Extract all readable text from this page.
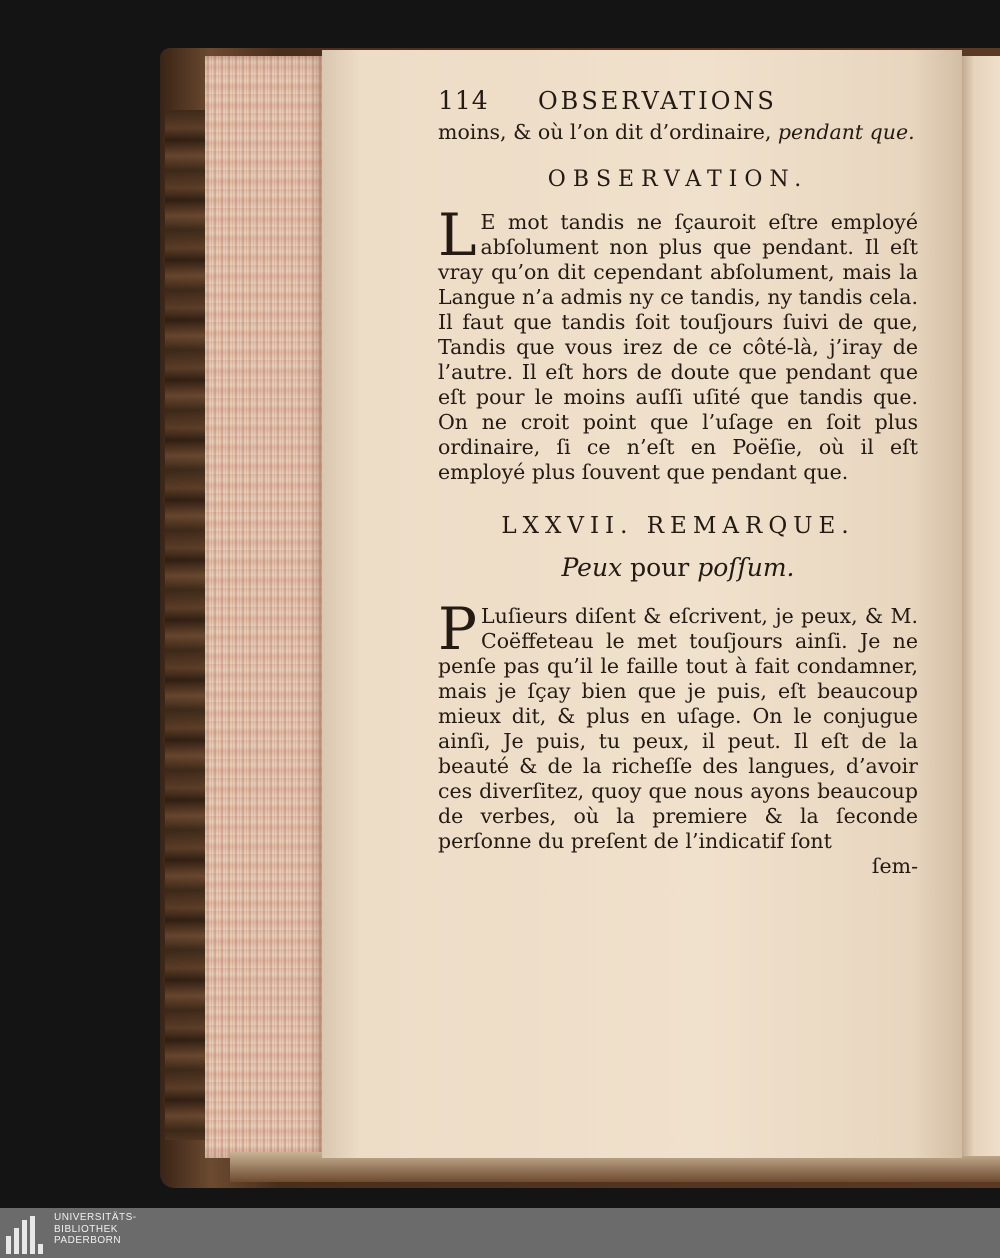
114	OBSERVATIONS

moins, & où l’on dit d’ordinaire, pendant que.

OBSERVATION.

L E mot tandis ne ſçauroit eſtre employé abſolument non plus que pendant. Il eſt vray qu’on dit cependant abſolument, mais la Langue n’a admis ny ce tandis, ny tandis cela. Il faut que tandis ſoit touſjours ſuivi de que, Tandis que vous irez de ce côté-là, j’iray de l’autre. Il eſt hors de doute que pendant que eſt pour le moins auſſi uſité que tandis que. On ne croit point que l’uſage en ſoit plus ordinaire, ſi ce n’eſt en Poëſie, où il eſt employé plus ſouvent que pendant que.

LXXVII. REMARQUE.
Peux pour poſſum.

P Luſieurs diſent & eſcrivent, je peux, & M. Coëffeteau le met touſjours ainſi. Je ne penſe pas qu’il le faille tout à fait condamner, mais je ſçay bien que je puis, eſt beaucoup mieux dit, & plus en uſage. On le conjugue ainſi, Je puis, tu peux, il peut. Il eſt de la beauté & de la richeſſe des langues, d’avoir ces diverſitez, quoy que nous ayons beaucoup de verbes, où la premiere & la ſeconde perſonne du preſent de l’indicatif ſont

ſem-

UNIVERSITÄTS-
BIBLIOTHEK
PADERBORN
